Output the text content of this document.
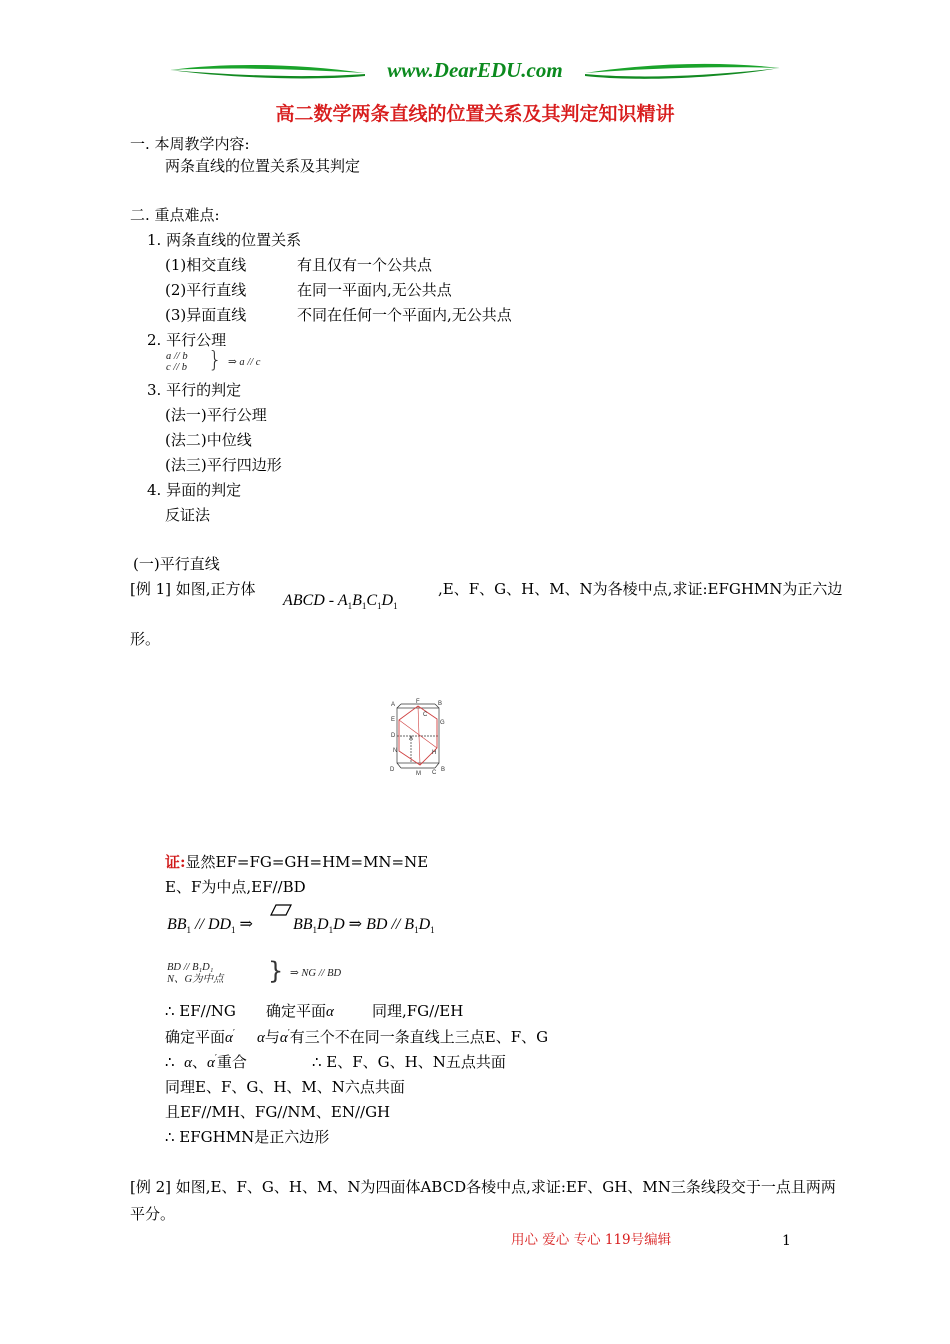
www.DearEDU.com
高二数学两条直线的位置关系及其判定知识精讲
一. 本周教学内容:
两条直线的位置关系及其判定
二. 重点难点:
1. 两条直线的位置关系
(1)相交直线	有且仅有一个公共点
(2)平行直线	在同一平面内,无公共点
(3)异面直线	不同在任何一个平面内,无公共点
2. 平行公理
a // b
c // b } ⇒ a // c
3. 平行的判定
(法一)平行公理
(法二)中位线
(法三)平行四边形
4. 异面的判定
反证法
(一)平行直线
[例 1] 如图,正方体
ABCD - $A_1B_1C_1D_1$
,E、F、G、H、M、N为各棱中点,求证:EFGHMN为正六边
形。
A	F	B
E
C
G
D A
N	H
D
M C B
证:显然EF=FG=GH=HM=MN=NE
E、F为中点,EF//BD
$BB_1 // DD_1$ ⇒	$BB_1D_1D$ ⇒ BD // $B_1D_1$
BD // B₁D₁
N、G为中点 } ⇒ NG // BD
∴ EF//NG 确定平面α	同理,FG//EH
确定平面α′ α与α′有三个不在同一条直线上三点E、F、G
∴ α、α′重合	∴ E、F、G、H、N五点共面
同理E、F、G、H、M、N六点共面
且EF//MH、FG//NM、EN//GH
∴ EFGHMN是正六边形
[例 2] 如图,E、F、G、H、M、N为四面体ABCD各棱中点,求证:EF、GH、MN三条线段交于一点且两两
平分。
用心 爱心 专心 119号编辑	1
